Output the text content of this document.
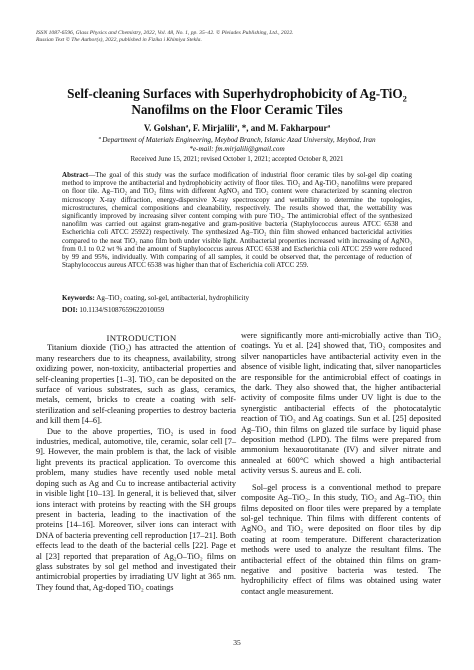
ISSN 1087-6596, Glass Physics and Chemistry, 2022, Vol. 48, No. 1, pp. 35–42. © Pleiades Publishing, Ltd., 2022.
Russian Text © The Author(s), 2022, published in Fizika i Khimiya Stekla.
Self-cleaning Surfaces with Superhydrophobicity of Ag-TiO$_2$
Nanofilms on the Floor Ceramic Tiles
V. Golshanª, F. Mirjaliliª, *, and M. Fakharpourª
ª Department of Materials Engineering, Meybod Branch, Islamic Azad University, Meybod, Iran
*e-mail: fm.mirjalili@gmail.com
Received June 15, 2021; revised October 1, 2021; accepted October 8, 2021
Abstract—The goal of this study was the surface modification of industrial floor ceramic tiles by sol-gel dip coating method to improve the antibacterial and hydrophobicity activity of floor tiles. TiO₂ and Ag-TiO₂ nanofilms were prepared on floor tile. Ag–TiO₂ and TiO₂ films with different AgNO₃ and TiO₂ content were characterized by scanning electron microscopy X-ray diffraction, energy-dispersive X-ray spectroscopy and wettability to determine the topologies, microstructures, chemical compositions and cleanability, respectively. The results showed that, the wettability was significantly improved by increasing silver content comping with pure TiO₂. The antimicrobial effect of the synthesized nanofilm was carried out against gram-negative and gram-positive bacteria (Staphylococcus aureus ATCC 6538 and Escherichia coli ATCC 25922) respectively. The synthesized Ag–TiO₂ thin film showed enhanced bactericidal activities compared to the neat TiO₂ nano film both under visible light. Antibacterial properties increased with increasing of AgNO₃ from 0.1 to 0.2 wt % and the amount of Staphylococcus aureus ATCC 6538 and Escherichia coli ATCC 259 were reduced by 99 and 95%, individually. With comparing of all samples, it could be observed that, the percentage of reduction of Staphylococcus aureus ATCC 6538 was higher than that of Escherichia coli ATCC 259.
Keywords: Ag–TiO₂ coating, sol-gel, antibacterial, hydrophilicity
DOI: 10.1134/S1087659622010059

INTRODUCTION

Titanium dioxide (TiO₂) has attracted the attention of many researchers due to its cheapness, availability, strong oxidizing power, non-toxicity, antibacterial properties and self-cleaning properties [1–3]. TiO₂ can be deposited on the surface of various substrates, such as glass, ceramics, metals, cement, bricks to create a coating with self-sterilization and self-cleaning properties to destroy bacteria and kill them [4–6].

Due to the above properties, TiO₂ is used in food industries, medical, automotive, tile, ceramic, solar cell [7–9]. However, the main problem is that, the lack of visible light prevents its practical application. To overcome this problem, many studies have recently used noble metal doping such as Ag and Cu to increase antibacterial activity in visible light [10–13]. In general, it is believed that, silver ions interact with proteins by reacting with the SH groups present in bacteria, leading to the inactivation of the proteins [14–16]. Moreover, silver ions can interact with DNA of bacteria preventing cell reproduction [17–21]. Both effects lead to the death of the bacterial cells [22]. Page et al [23] reported that preparation of Ag₂O–TiO₂ films on glass substrates by sol gel method and investigated their antimicrobial properties by irradiating UV light at 365 nm. They found that, Ag-doped TiO₂ coatings

were significantly more anti-microbially active than TiO₂ coatings. Yu et al. [24] showed that, TiO₂ composites and silver nanoparticles have antibacterial activity even in the absence of visible light, indicating that, silver nanoparticles are responsible for the antimicrobial effect of coatings in the dark. They also showed that, the higher antibacterial activity of composite films under UV light is due to the synergistic antibacterial effects of the photocatalytic reaction of TiO₂ and Ag coatings. Sun et al. [25] deposited Ag–TiO₂ thin films on glazed tile surface by liquid phase deposition method (LPD). The films were prepared from ammonium hexauorotitanate (IV) and silver nitrate and annealed at 600°C which showed a high antibacterial activity versus S. aureus and E. coli.

Sol–gel process is a conventional method to prepare composite Ag–TiO₂. In this study, TiO₂ and Ag–TiO₂ thin films deposited on floor tiles were prepared by a template sol-gel technique. Thin films with different contents of AgNO₃ and TiO₂ were deposited on floor tiles by dip coating at room temperature. Different characterization methods were used to analyze the resultant films. The antibacterial effect of the obtained thin films on gram-negative and positive bacteria was tested. The hydrophilicity effect of films was obtained using water contact angle measurement.

35
